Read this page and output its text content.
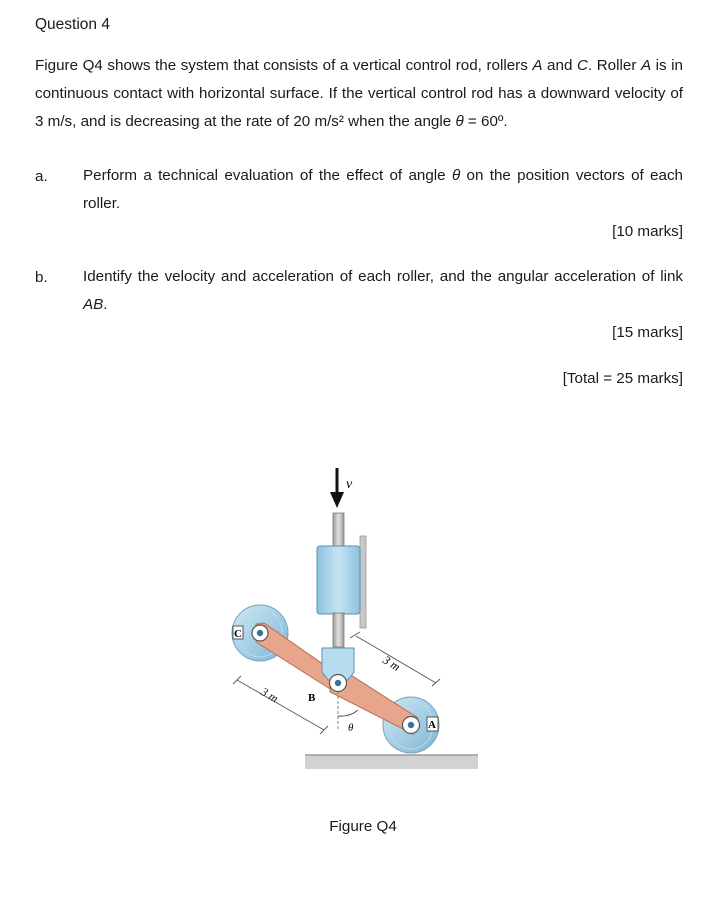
Question 4
Figure Q4 shows the system that consists of a vertical control rod, rollers A and C. Roller A is in continuous contact with horizontal surface. If the vertical control rod has a downward velocity of 3 m/s, and is decreasing at the rate of 20 m/s² when the angle θ = 60º.
a. Perform a technical evaluation of the effect of angle θ on the position vectors of each roller.
[10 marks]
b. Identify the velocity and acceleration of each roller, and the angular acceleration of link AB.
[15 marks]
[Total = 25 marks]
v
C
A
B
3 m
3 m
θ
Figure Q4
